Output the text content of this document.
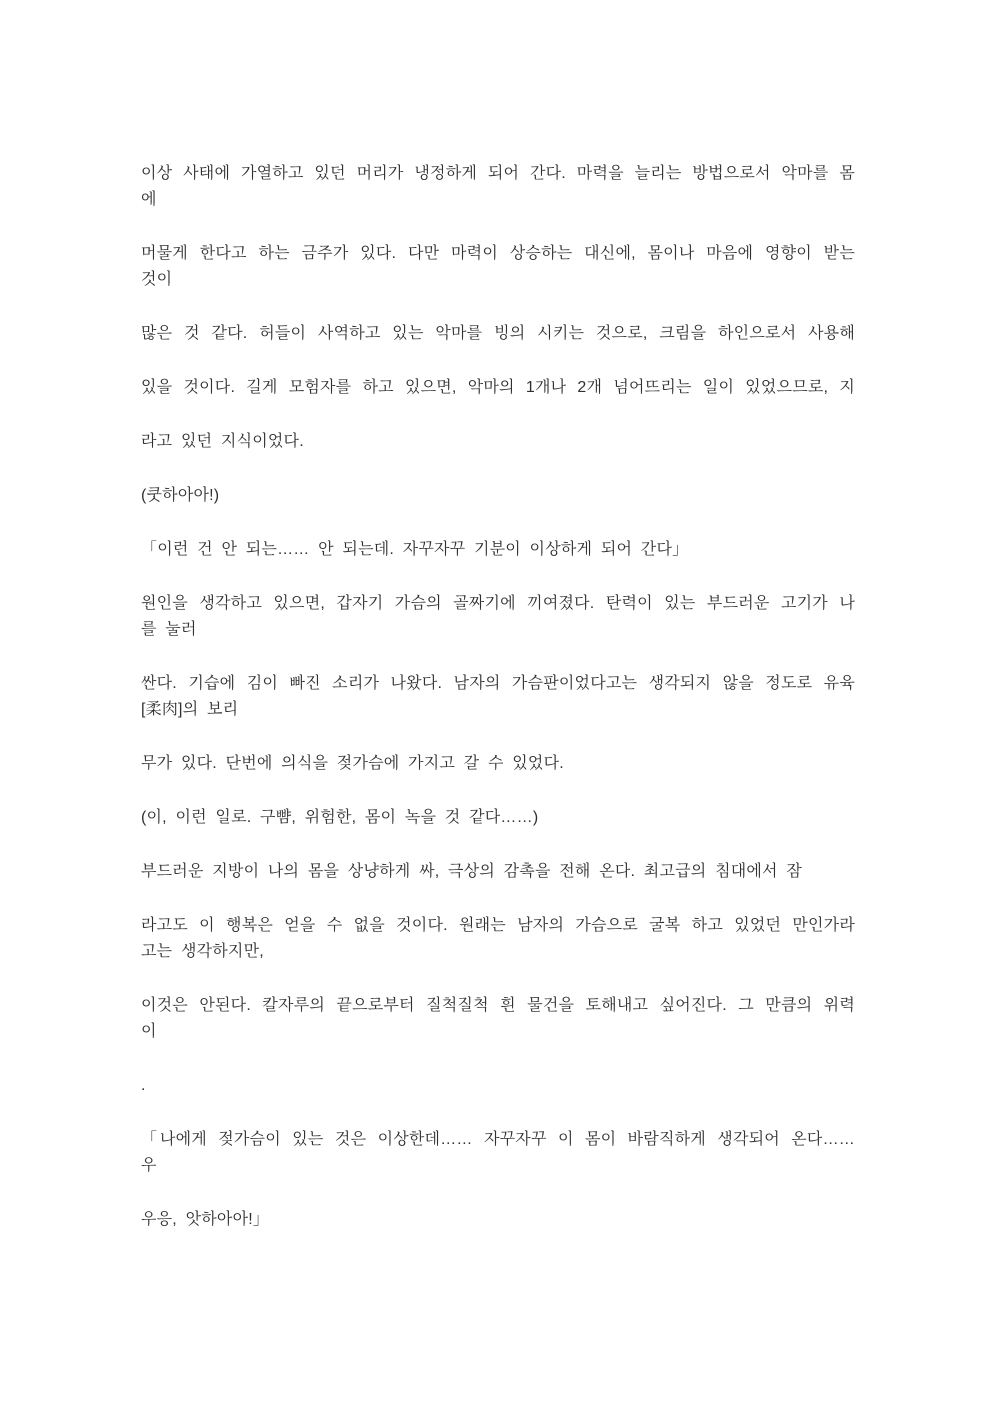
이상 사태에 가열하고 있던 머리가 냉정하게 되어 간다. 마력을 늘리는 방법으로서 악마를 몸
에

머물게 한다고 하는 금주가 있다. 다만 마력이 상승하는 대신에, 몸이나 마음에 영향이 받는
것이

많은 것 같다. 허들이 사역하고 있는 악마를 빙의 시키는 것으로, 크림을 하인으로서 사용해

있을 것이다. 길게 모험자를 하고 있으면, 악마의 1개나 2개 넘어뜨리는 일이 있었으므로, 지

라고 있던 지식이었다.

(쿳하아아!)

「이런 건 안 되는…… 안 되는데. 자꾸자꾸 기분이 이상하게 되어 간다」

원인을 생각하고 있으면, 갑자기 가슴의 골짜기에 끼여졌다. 탄력이 있는 부드러운 고기가 나
를 눌러

싼다. 기습에 김이 빠진 소리가 나왔다. 남자의 가슴판이었다고는 생각되지 않을 정도로 유육
[柔肉]의 보리

무가 있다. 단번에 의식을 젖가슴에 가지고 갈 수 있었다.

(이, 이런 일로. 구뺨, 위험한, 몸이 녹을 것 같다……)

부드러운 지방이 나의 몸을 상냥하게 싸, 극상의 감촉을 전해 온다. 최고급의 침대에서 잠

라고도 이 행복은 얻을 수 없을 것이다. 원래는 남자의 가슴으로 굴복 하고 있었던 만인가라
고는 생각하지만,

이것은 안된다. 칼자루의 끝으로부터 질척질척 흰 물건을 토해내고 싶어진다. 그 만큼의 위력
이

.

「나에게 젖가슴이 있는 것은 이상한데…… 자꾸자꾸 이 몸이 바람직하게 생각되어 온다……
우

우응, 앗하아아!」
